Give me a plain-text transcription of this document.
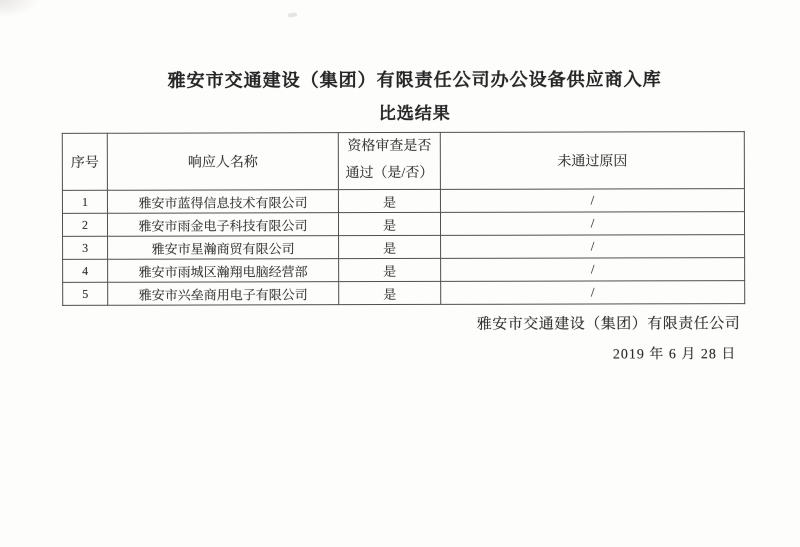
雅安市交通建设（集团）有限责任公司办公设备供应商入库
比选结果
序号	响应人名称	资格审查是否
通过（是/否）	未通过原因
1	雅安市蓝得信息技术有限公司	是	/
2	雅安市雨金电子科技有限公司	是	/
3	雅安市星瀚商贸有限公司	是	/
4	雅安市雨城区瀚翔电脑经营部	是	/
5	雅安市兴垒商用电子有限公司	是	/
雅安市交通建设（集团）有限责任公司
2019 年 6 月 28 日
